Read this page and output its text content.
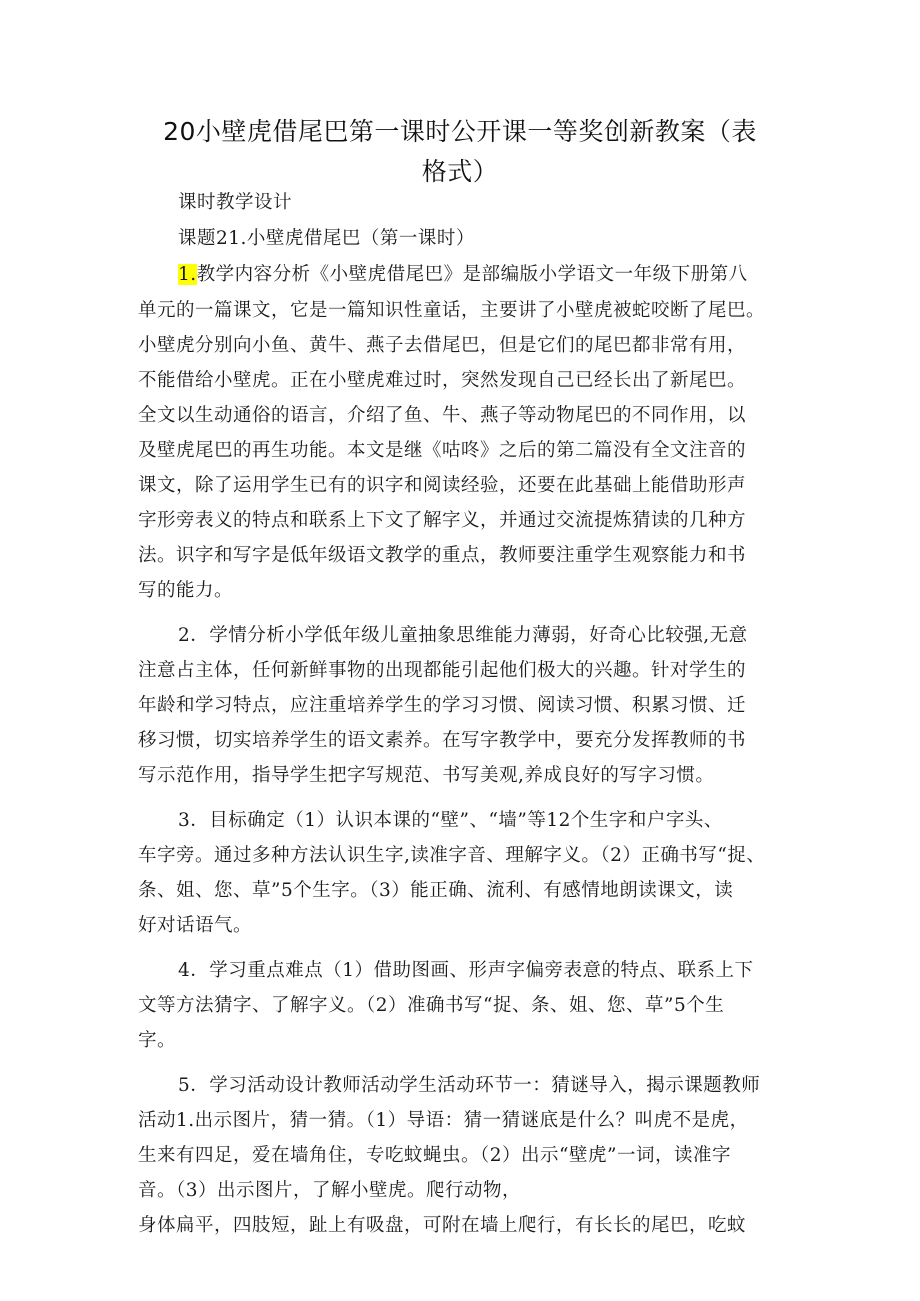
20小壁虎借尾巴第一课时公开课一等奖创新教案（表
格式）
课时教学设计
课题21.小壁虎借尾巴（第一课时）
1.教学内容分析《小壁虎借尾巴》是部编版小学语文一年级下册第八
单元的一篇课文，它是一篇知识性童话，主要讲了小壁虎被蛇咬断了尾巴。
小壁虎分别向小鱼、黄牛、燕子去借尾巴，但是它们的尾巴都非常有用，
不能借给小壁虎。正在小壁虎难过时，突然发现自己已经长出了新尾巴。
全文以生动通俗的语言，介绍了鱼、牛、燕子等动物尾巴的不同作用，以
及壁虎尾巴的再生功能。本文是继《咕咚》之后的第二篇没有全文注音的
课文，除了运用学生已有的识字和阅读经验，还要在此基础上能借助形声
字形旁表义的特点和联系上下文了解字义，并通过交流提炼猜读的几种方
法。识字和写字是低年级语文教学的重点，教师要注重学生观察能力和书
写的能力。
2．学情分析小学低年级儿童抽象思维能力薄弱，好奇心比较强,无意
注意占主体，任何新鲜事物的出现都能引起他们极大的兴趣。针对学生的
年龄和学习特点，应注重培养学生的学习习惯、阅读习惯、积累习惯、迁
移习惯，切实培养学生的语文素养。在写字教学中，要充分发挥教师的书
写示范作用，指导学生把字写规范、书写美观,养成良好的写字习惯。
3．目标确定（1）认识本课的“壁”、“墙”等12个生字和户字头、
车字旁。通过多种方法认识生字,读准字音、理解字义。（2）正确书写“捉、
条、姐、您、草”5个生字。（3）能正确、流利、有感情地朗读课文，读
好对话语气。
4．学习重点难点（1）借助图画、形声字偏旁表意的特点、联系上下
文等方法猜字、了解字义。（2）准确书写“捉、条、姐、您、草”5个生
字。
5．学习活动设计教师活动学生活动环节一：猜谜导入，揭示课题教师
活动1.出示图片，猜一猜。（1）导语：猜一猜谜底是什么？叫虎不是虎，
生来有四足，爱在墙角住，专吃蚊蝇虫。（2）出示“壁虎”一词，读准字
音。（3）出示图片，了解小壁虎。爬行动物，
身体扁平，四肢短，趾上有吸盘，可附在墙上爬行，有长长的尾巴，吃蚊
